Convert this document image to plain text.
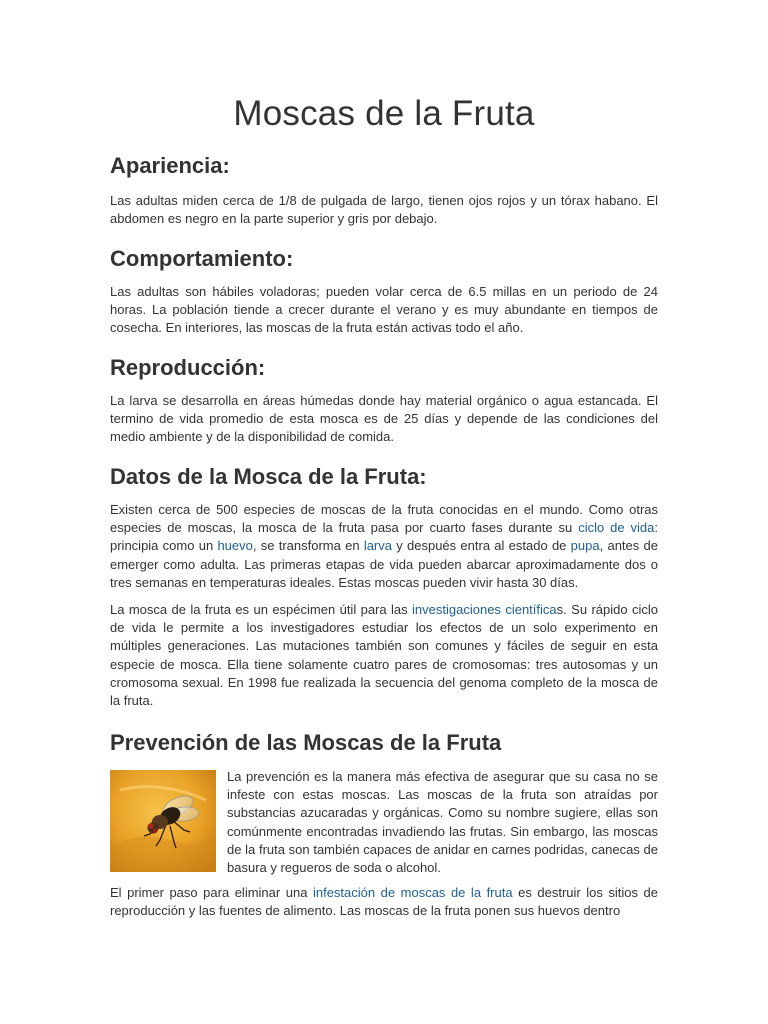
Moscas de la Fruta
Apariencia:

Las adultas miden cerca de 1/8 de pulgada de largo, tienen ojos rojos y un tórax habano. El abdomen es negro en la parte superior y gris por debajo.

Comportamiento:

Las adultas son hábiles voladoras; pueden volar cerca de 6.5 millas en un periodo de 24 horas. La población tiende a crecer durante el verano y es muy abundante en tiempos de cosecha. En interiores, las moscas de la fruta están activas todo el año.

Reproducción:

La larva se desarrolla en áreas húmedas donde hay material orgánico o agua estancada. El termino de vida promedio de esta mosca es de 25 días y depende de las condiciones del medio ambiente y de la disponibilidad de comida.

Datos de la Mosca de la Fruta:

Existen cerca de 500 especies de moscas de la fruta conocidas en el mundo. Como otras especies de moscas, la mosca de la fruta pasa por cuarto fases durante su ciclo de vida: principia como un huevo, se transforma en larva y después entra al estado de pupa, antes de emerger como adulta. Las primeras etapas de vida pueden abarcar aproximadamente dos o tres semanas en temperaturas ideales. Estas moscas pueden vivir hasta 30 días.

La mosca de la fruta es un espécimen útil para las investigaciones científicas. Su rápido ciclo de vida le permite a los investigadores estudiar los efectos de un solo experimento en múltiples generaciones. Las mutaciones también son comunes y fáciles de seguir en esta especie de mosca. Ella tiene solamente cuatro pares de cromosomas: tres autosomas y un cromosoma sexual. En 1998 fue realizada la secuencia del genoma completo de la mosca de la fruta.

Prevención de las Moscas de la Fruta

La prevención es la manera más efectiva de asegurar que su casa no se infeste con estas moscas. Las moscas de la fruta son atraídas por substancias azucaradas y orgánicas. Como su nombre sugiere, ellas son comúnmente encontradas invadiendo las frutas. Sin embargo, las moscas de la fruta son también capaces de anidar en carnes podridas, canecas de basura y regueros de soda o alcohol.

El primer paso para eliminar una infestación de moscas de la fruta es destruir los sitios de reproducción y las fuentes de alimento. Las moscas de la fruta ponen sus huevos dentro
